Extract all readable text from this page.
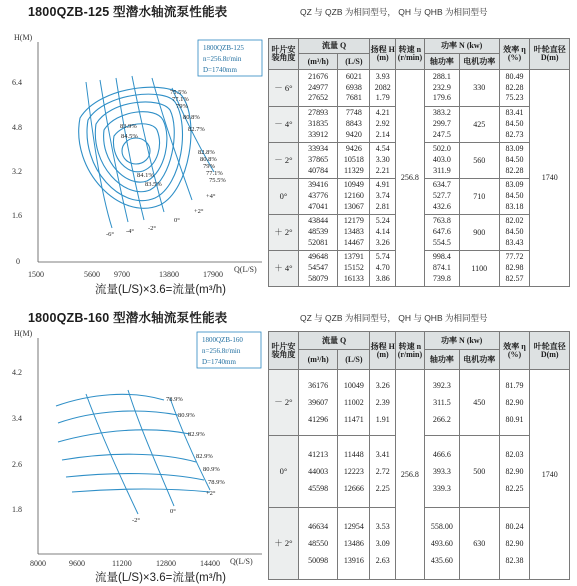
1800QZB-125 型潜水轴流泵性能表	QZ 与 QZB 为相同型号， QH 与 QHB 为相同型号
H(M)
Q(L/S)
1500	5600 9700	13800	17900
0
1.6
3.2
4.8
6.4
1800QZB-125
n=256.8r/min
D=1740mm
75.5%
77.1%
79%
80.8%
82.7%
83.9%
84.5%
82.8%
80.8%
79%
77.1%
75.5%
84.1%
83.5%
-6° -4° -2°
0°
+2°
+4°
流量(L/S)×3.6=流量(m³/h)
叶片安装角度	流量 Q		扬程 H (m)	转速 n (r/min)	功率 N (kw)		效率 η (%)	叶轮直径 D(m)
	(m³/h)	(L/S)			轴功率	电机功率		
－ 6°	21676
24977
27652	6021
6938
7681	3.93
2082
1.79	256.8	288.1
232.9
179.6	330	80.49
82.28
75.23	1740
－ 4°	27893
31835
33912	7748
8843
9420	4.21
2.92
2.14		383.2
299.7
247.5	425	83.41
84.50
82.73	
－ 2°	33934
37865
40784	9426
10518
11329	4.54
3.30
2.21		502.0
403.0
311.9	560	83.09
84.50
82.28	
0°	39416
43776
47041	10949
12160
13067	4.91
3.74
2.81		634.7
527.7
432.6	710	83.09
84.50
83.18	
＋ 2°	43844
48539
52081	12179
13483
14467	5.24
4.14
3.26		763.8
647.6
554.5	900	82.02
84.50
83.43	
＋ 4°	49648
54547
58079	13791
15152
16133	5.74
4.70
3.86		998.4
874.1
739.8	1100	77.72
82.98
82.57	
1800QZB-160 型潜水轴流泵性能表	QZ 与 QZB 为相同型号， QH 与 QHB 为相同型号
H(M)
Q(L/S)
8000	9600	11200	12800	14400
1.8
2.6
3.4
4.2
1800QZB-160
n=256.8r/min
D=1740mm
78.9%
80.9%
82.9%
82.9%
80.9%
78.9%
-2°
0°
+2°
流量(L/S)×3.6=流量(m³/h)
叶片安装角度	流量 Q		扬程 H (m)	转速 n (r/min)	功率 N (kw)		效率 η (%)	叶轮直径 D(m)
	(m³/h)	(L/S)			轴功率	电机功率		
－ 2°	36176
39607
41296	10049
11002
11471	3.26
2.39
1.91	256.8	392.3
311.5
266.2	450	81.79
82.90
80.91	1740
0°	41213
44003
45598	11448
12223
12666	3.41
2.72
2.25		466.6
393.3
339.3	500	82.03
82.90
82.25	
＋ 2°	46634
48550
50098	12954
13486
13916	3.53
3.09
2.63		558.00
493.60
435.60	630	80.24
82.90
82.38	
